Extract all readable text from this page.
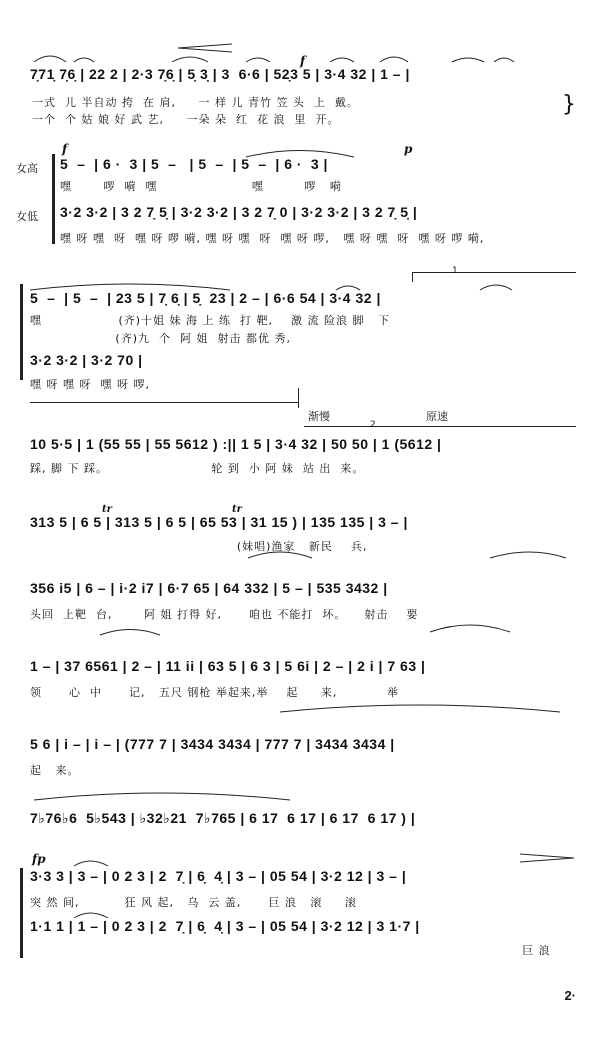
f
7̣71̣ 7̣6̣ | 22 2 | 2·3 7̣6̣ | 5̣ 3̣ | 3  6·6 | 52̣3 5 | 3·4 32 | 1 – |
一式  儿 半自动 挎  在 肩,     一 样 儿 青竹 笠 头  上  戴。
一个  个 姑 娘 好 武 艺,     一朵 朵  红  花 浪  里  开。
}
女高
女低
f	p
5  –  | 6 ·  3 | 5  –   | 5  –  | 5  –  | 6 ·  3 |
嘿       啰  嗬  嘿                     嘿         啰   嗬
3·2 3·2 | 3 2 7̣ 5̣ | 3·2 3·2 | 3 2 7̣ 0 | 3·2 3·2 | 3 2 7̣ 5̣ |
嘿 呀 嘿  呀  嘿 呀 啰 嗬, 嘿 呀 嘿  呀  嘿 呀 啰,   嘿 呀 嘿  呀  嘿 呀 啰 嗬,
1
5  –  | 5  –  | 23 5 | 7̣ 6̣ | 5̣  23 | 2 – | 6·6 54 | 3·4 32 |
嘿                 (齐)十姐 妹 海 上 练  打 靶,    激 流 险浪 脚   下
(齐)九  个  阿 姐  射击 都优 秀,
3·2 3·2 | 3·2 70 |
嘿 呀 嘿 呀  嘿 呀 啰,
渐慢	原速
2
10 5·5 | 1 (55 55 | 55 5612 ) :|| 1 5 | 3·4 32 | 50 50 | 1 (5612 |
踩, 脚 下 踩。                       轮 到  小 阿 妹  站 出  来。
tr	tr
313 5 | 6 5 | 313 5 | 6 5 | 65 53 | 31 15 ) | 135 135 | 3 – |
(妹唱)渔家   新民    兵,
356 i5 | 6 – | i·2 i7 | 6·7 65 | 64 332 | 5 – | 535 3432 |
头回  上靶  台,       阿 姐 打得 好,      咱也 不能打  坏。    射击    要
1 – | 37 6561 | 2 – | 11 ii | 63 5 | 6 3 | 5 6i | 2 – | 2 i | 7 63 |
领      心  中      记,   五尺 钢枪 举起来,举    起     来,           举
5 6 | i – | i – | (777 7 | 3434 3434 | 777 7 | 3434 3434 |
起   来。
7♭76♭6  5♭543 | ♭32♭21  7♭765 | 6 17  6 17 | 6 17  6 17 ) |
fp
3·3 3 | 3 – | 0 2 3 | 2  7̣ | 6̣  4̣ | 3 – | 05 54 | 3·2 12 | 3 – |
突 然 间,          狂 风 起,   乌  云 盖,      巨 浪   滚     滚
1·1 1 | 1 – | 0 2 3 | 2  7̣ | 6̣  4̣ | 3 – | 05 54 | 3·2 12 | 3 1·7 |
巨 浪
2·
